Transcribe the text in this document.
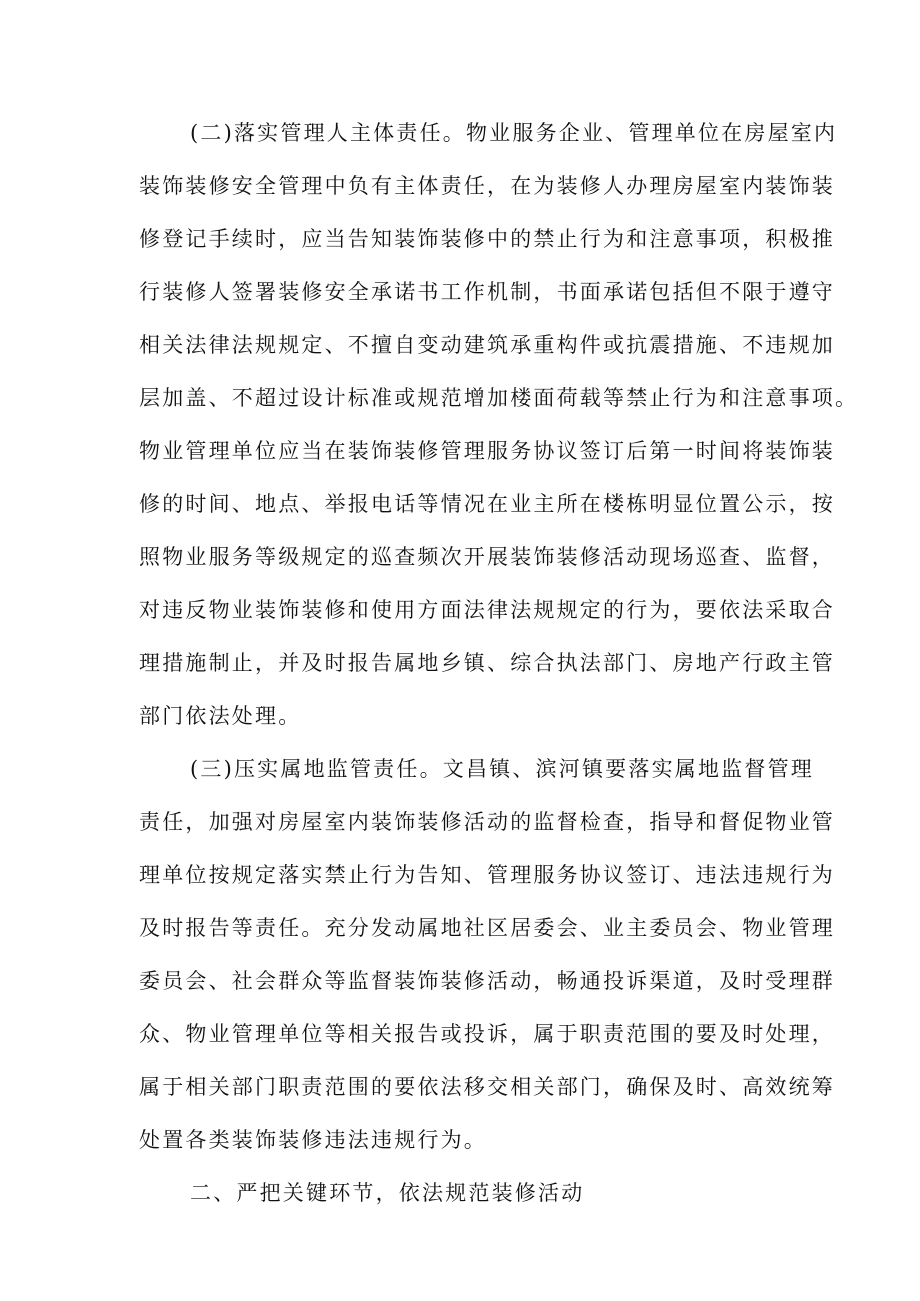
(二)落实管理人主体责任。物业服务企业、管理单位在房屋室内
装饰装修安全管理中负有主体责任，在为装修人办理房屋室内装饰装
修登记手续时，应当告知装饰装修中的禁止行为和注意事项，积极推
行装修人签署装修安全承诺书工作机制，书面承诺包括但不限于遵守
相关法律法规规定、不擅自变动建筑承重构件或抗震措施、不违规加
层加盖、不超过设计标准或规范增加楼面荷载等禁止行为和注意事项。
物业管理单位应当在装饰装修管理服务协议签订后第一时间将装饰装
修的时间、地点、举报电话等情况在业主所在楼栋明显位置公示，按
照物业服务等级规定的巡查频次开展装饰装修活动现场巡查、监督，
对违反物业装饰装修和使用方面法律法规规定的行为，要依法采取合
理措施制止，并及时报告属地乡镇、综合执法部门、房地产行政主管
部门依法处理。
(三)压实属地监管责任。文昌镇、滨河镇要落实属地监督管理
责任，加强对房屋室内装饰装修活动的监督检查，指导和督促物业管
理单位按规定落实禁止行为告知、管理服务协议签订、违法违规行为
及时报告等责任。充分发动属地社区居委会、业主委员会、物业管理
委员会、社会群众等监督装饰装修活动，畅通投诉渠道，及时受理群
众、物业管理单位等相关报告或投诉，属于职责范围的要及时处理，
属于相关部门职责范围的要依法移交相关部门，确保及时、高效统筹
处置各类装饰装修违法违规行为。
二、严把关键环节，依法规范装修活动
